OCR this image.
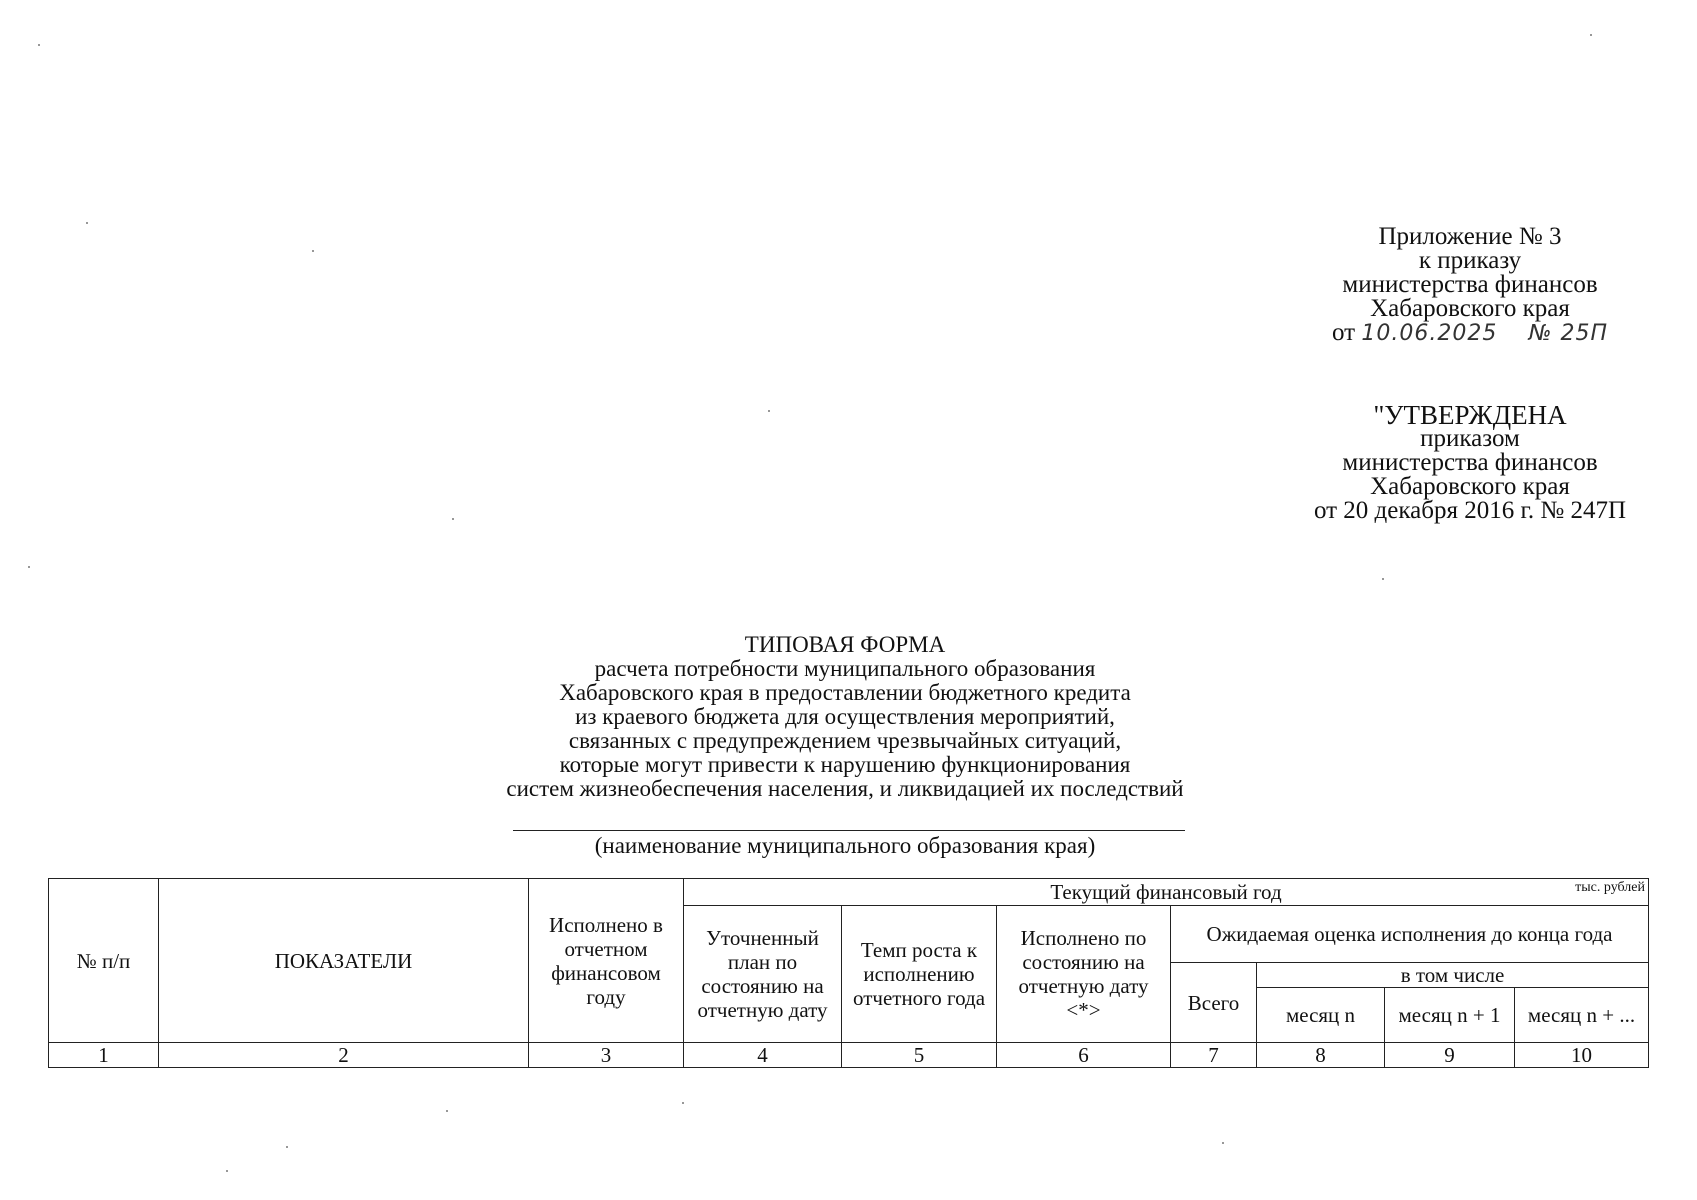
Приложение № 3
к приказу
министерства финансов
Хабаровского края
от 10.06.2025 № 25П
"УТВЕРЖДЕНА
приказом
министерства финансов
Хабаровского края
от 20 декабря 2016 г. № 247П
ТИПОВАЯ ФОРМА
расчета потребности муниципального образования
Хабаровского края в предоставлении бюджетного кредита
из краевого бюджета для осуществления мероприятий,
связанных с предупреждением чрезвычайных ситуаций,
которые могут привести к нарушению функционирования
систем жизнеобеспечения населения, и ликвидацией их последствий
(наименование муниципального образования края)
тыс. рублей
№ п/п	ПОКАЗАТЕЛИ	Исполнено в отчетном финансовом году	Текущий финансовый год						
			Уточненный план по состоянию на отчетную дату	Темп роста к исполнению отчетного года	Исполнено по состоянию на отчетную дату <*>	Ожидаемая оценка исполнения до конца года			
						Всего	в том числе		
							месяц n	месяц n + 1	месяц n + ...
1	2	3	4	5	6	7	8	9	10
